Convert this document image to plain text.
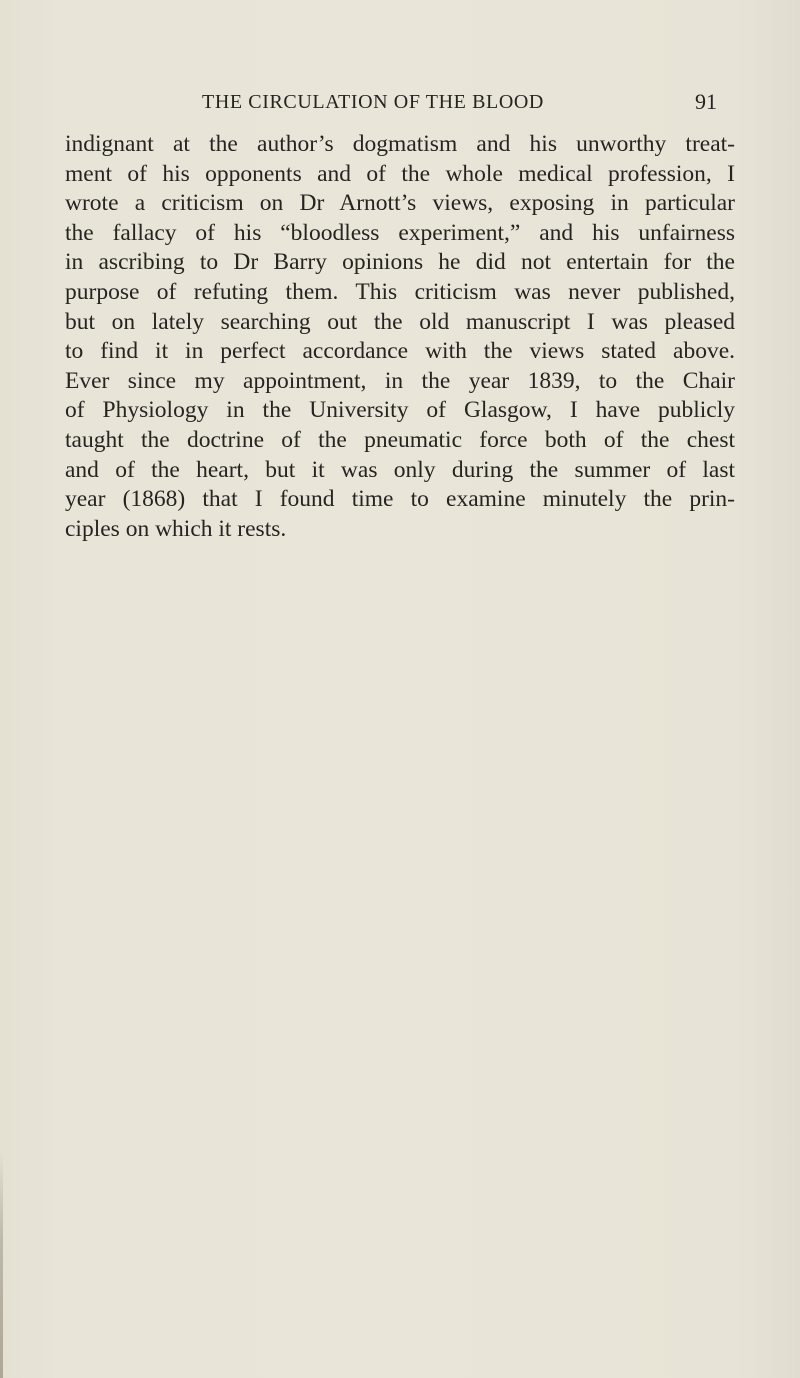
THE CIRCULATION OF THE BLOOD	91
indignant at the author’s dogmatism and his unworthy treat-
ment of his opponents and of the whole medical profession, I
wrote a criticism on Dr Arnott’s views, exposing in particular
the fallacy of his “bloodless experiment,” and his unfairness
in ascribing to Dr Barry opinions he did not entertain for the
purpose of refuting them. This criticism was never published,
but on lately searching out the old manuscript I was pleased
to find it in perfect accordance with the views stated above.
Ever since my appointment, in the year 1839, to the Chair
of Physiology in the University of Glasgow, I have publicly
taught the doctrine of the pneumatic force both of the chest
and of the heart, but it was only during the summer of last
year (1868) that I found time to examine minutely the prin-
ciples on which it rests.
